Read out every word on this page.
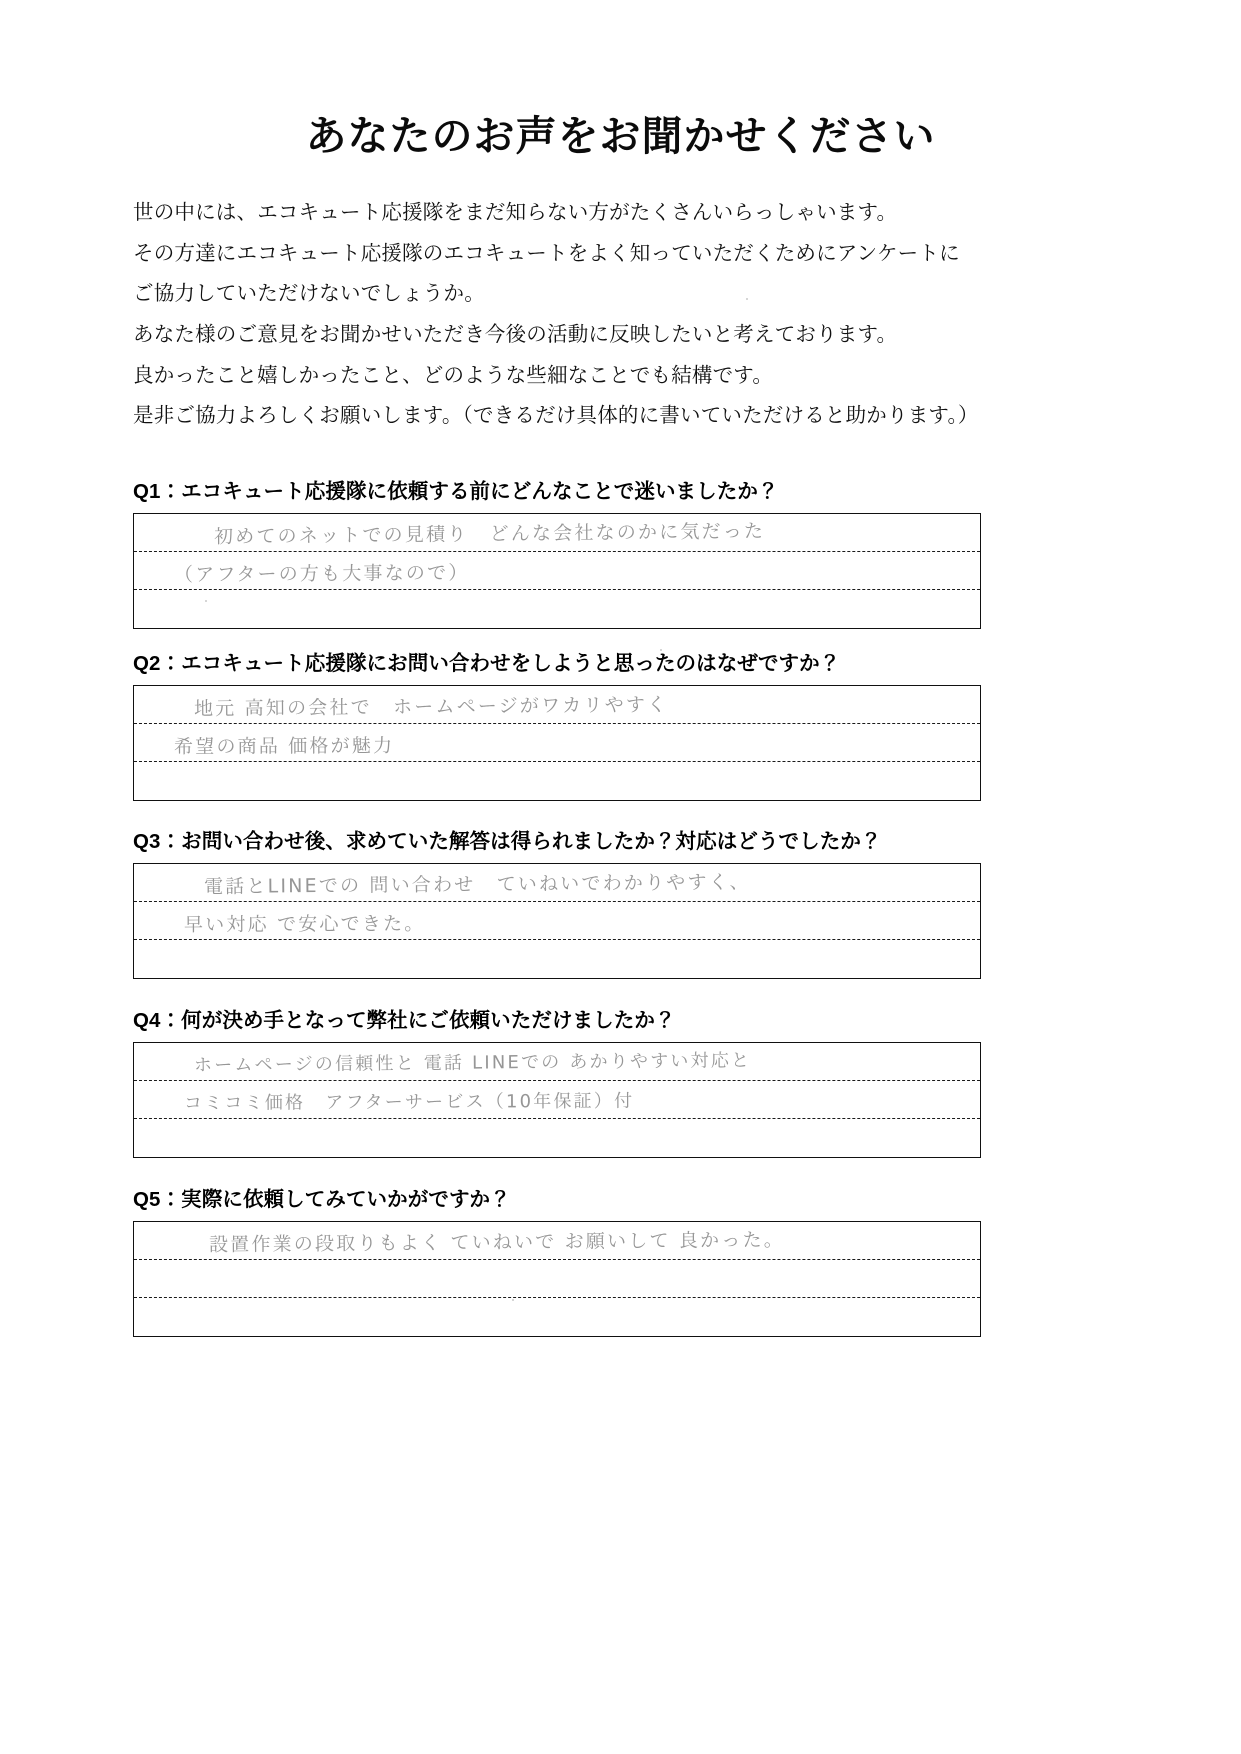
あなたのお声をお聞かせください

世の中には、エコキュート応援隊をまだ知らない方がたくさんいらっしゃいます。

その方達にエコキュート応援隊のエコキュートをよく知っていただくためにアンケートに

ご協力していただけないでしょうか。

あなた様のご意見をお聞かせいただき今後の活動に反映したいと考えております。

良かったこと嬉しかったこと、どのような些細なことでも結構です。

是非ご協力よろしくお願いします。（できるだけ具体的に書いていただけると助かります。）

Q1：エコキュート応援隊に依頼する前にどんなことで迷いましたか？
初めてのネットでの見積り　どんな会社なのかに気だった
（アフターの方も大事なので）
Q2：エコキュート応援隊にお問い合わせをしようと思ったのはなぜですか？
地元 高知の会社で　ホームページがワカリやすく
希望の商品 価格が魅力
Q3：お問い合わせ後、求めていた解答は得られましたか？対応はどうでしたか？
電話とLINEでの 問い合わせ　ていねいでわかりやすく、
早い対応 で安心できた。
Q4：何が決め手となって弊社にご依頼いただけましたか？
ホームページの信頼性と 電話 LINEでの あかりやすい対応と
コミコミ価格　アフターサービス（10年保証）付
Q5：実際に依頼してみていかがですか？
設置作業の段取りもよく ていねいで お願いして 良かった。
